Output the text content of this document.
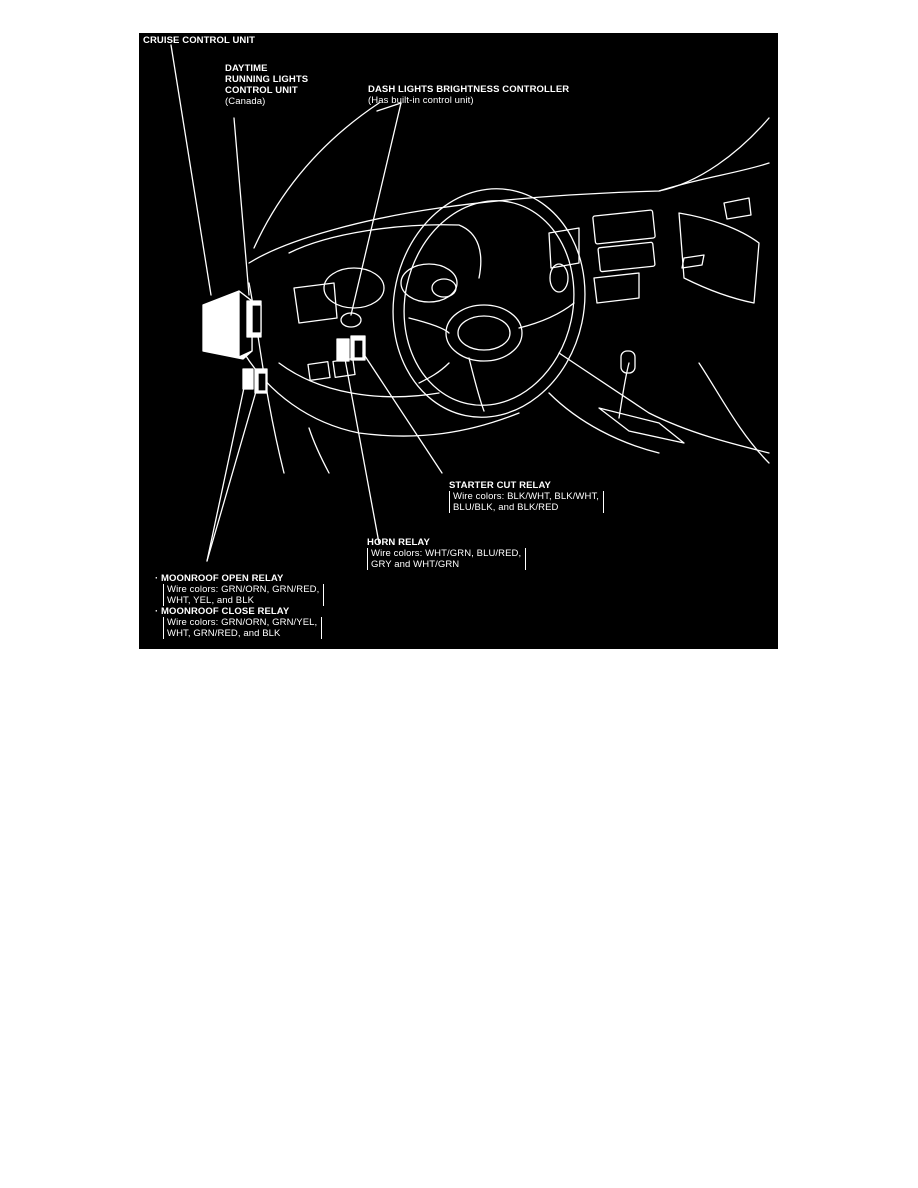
CRUISE CONTROL UNIT
DAYTIME
RUNNING LIGHTS
CONTROL UNIT
(Canada)
DASH LIGHTS BRIGHTNESS CONTROLLER
(Has built-in control unit)
STARTER CUT RELAY
Wire colors: BLK/WHT, BLK/WHT,
BLU/BLK, and BLK/RED
HORN RELAY
Wire colors: WHT/GRN, BLU/RED,
GRY and WHT/GRN
· MOONROOF OPEN RELAY
Wire colors: GRN/ORN, GRN/RED,
WHT, YEL, and BLK
· MOONROOF CLOSE RELAY
Wire colors: GRN/ORN, GRN/YEL,
WHT, GRN/RED, and BLK
